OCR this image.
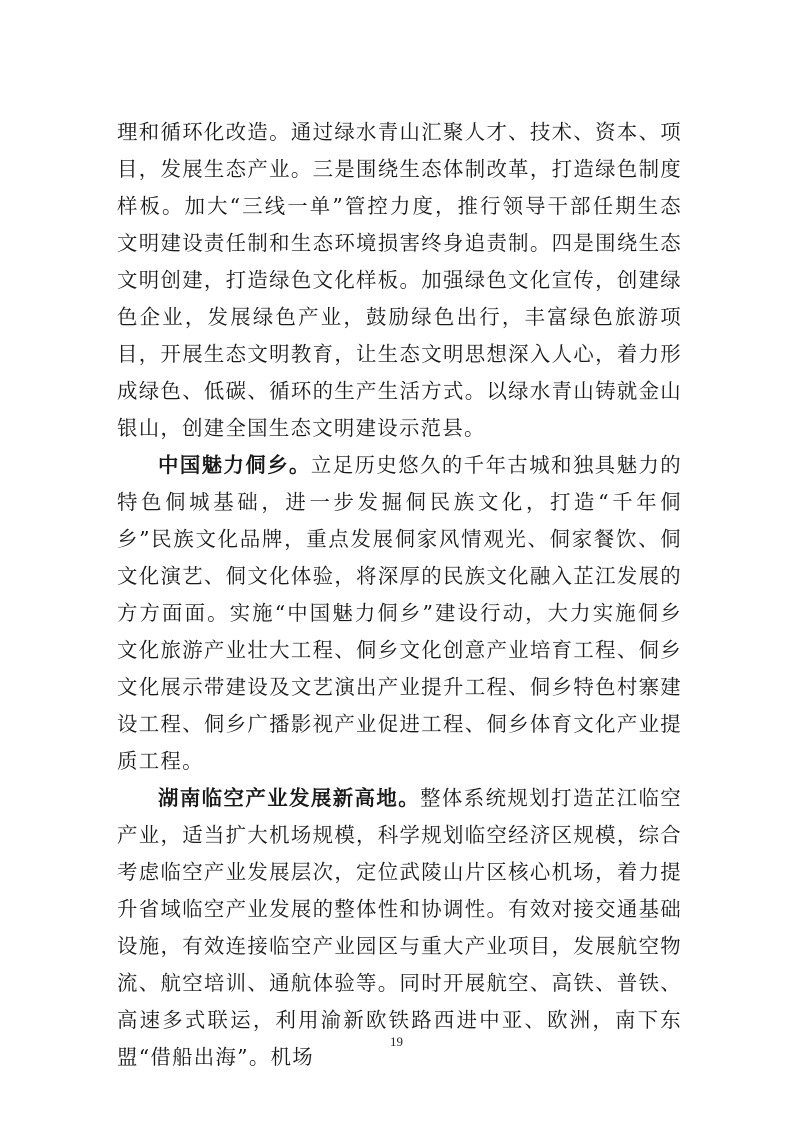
理和循环化改造。通过绿水青山汇聚人才、技术、资本、项目，发展生态产业。三是围绕生态体制改革，打造绿色制度样板。加大“三线一单”管控力度，推行领导干部任期生态文明建设责任制和生态环境损害终身追责制。四是围绕生态文明创建，打造绿色文化样板。加强绿色文化宣传，创建绿色企业，发展绿色产业，鼓励绿色出行，丰富绿色旅游项目，开展生态文明教育，让生态文明思想深入人心，着力形成绿色、低碳、循环的生产生活方式。以绿水青山铸就金山银山，创建全国生态文明建设示范县。

中国魅力侗乡。立足历史悠久的千年古城和独具魅力的特色侗城基础，进一步发掘侗民族文化，打造“千年侗乡”民族文化品牌，重点发展侗家风情观光、侗家餐饮、侗文化演艺、侗文化体验，将深厚的民族文化融入芷江发展的方方面面。实施“中国魅力侗乡”建设行动，大力实施侗乡文化旅游产业壮大工程、侗乡文化创意产业培育工程、侗乡文化展示带建设及文艺演出产业提升工程、侗乡特色村寨建设工程、侗乡广播影视产业促进工程、侗乡体育文化产业提质工程。

湖南临空产业发展新高地。整体系统规划打造芷江临空产业，适当扩大机场规模，科学规划临空经济区规模，综合考虑临空产业发展层次，定位武陵山片区核心机场，着力提升省域临空产业发展的整体性和协调性。有效对接交通基础设施，有效连接临空产业园区与重大产业项目，发展航空物流、航空培训、通航体验等。同时开展航空、高铁、普铁、高速多式联运，利用渝新欧铁路西进中亚、欧洲，南下东盟“借船出海”。机场

19
